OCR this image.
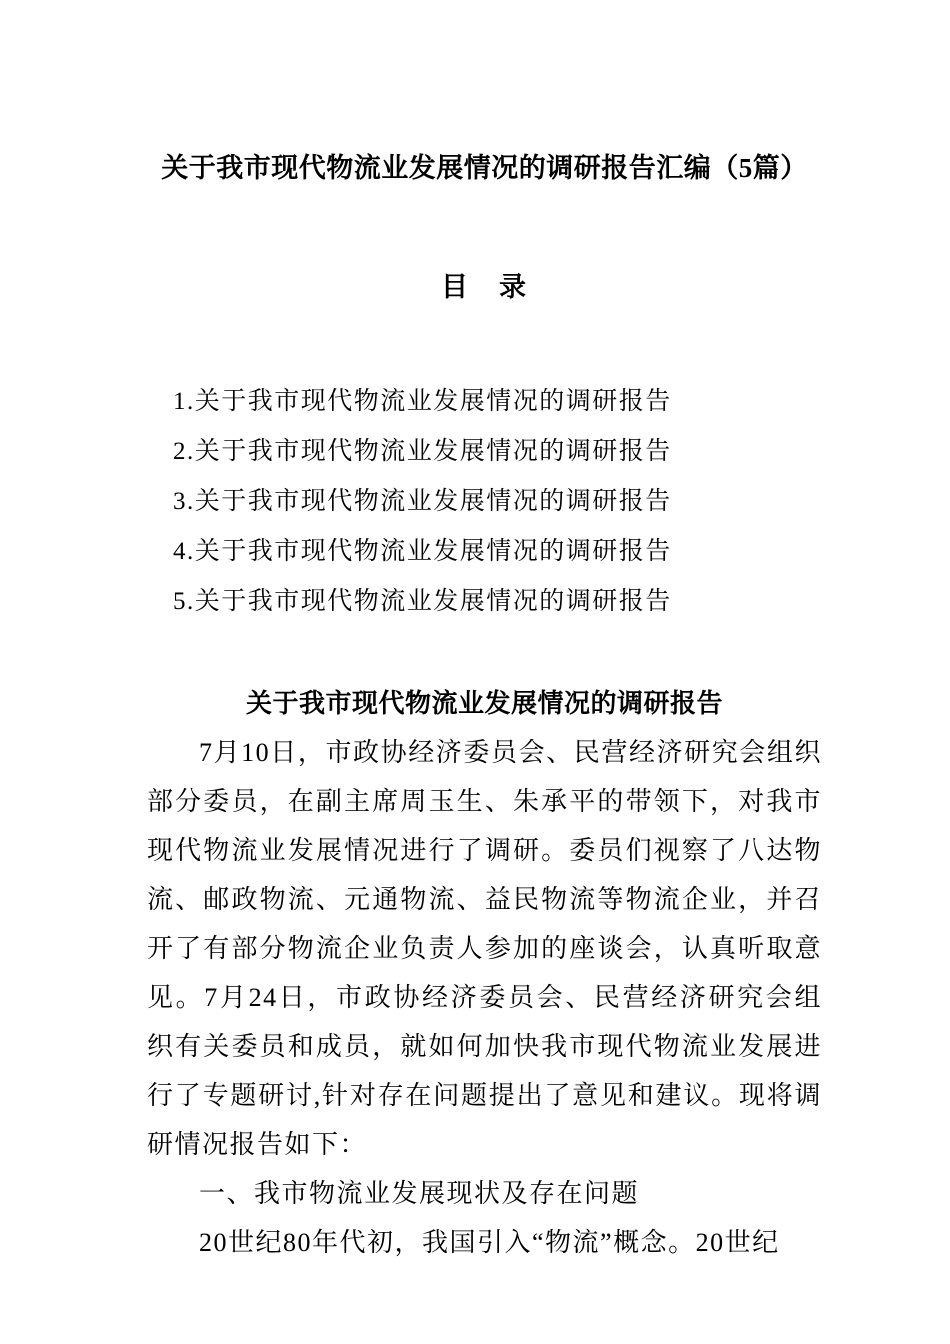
关于我市现代物流业发展情况的调研报告汇编（5篇）
目　录
1.关于我市现代物流业发展情况的调研报告
2.关于我市现代物流业发展情况的调研报告
3.关于我市现代物流业发展情况的调研报告
4.关于我市现代物流业发展情况的调研报告
5.关于我市现代物流业发展情况的调研报告
关于我市现代物流业发展情况的调研报告

7月10日，市政协经济委员会、民营经济研究会组织部分委员，在副主席周玉生、朱承平的带领下，对我市现代物流业发展情况进行了调研。委员们视察了八达物流、邮政物流、元通物流、益民物流等物流企业，并召开了有部分物流企业负责人参加的座谈会，认真听取意见。7月24日，市政协经济委员会、民营经济研究会组织有关委员和成员，就如何加快我市现代物流业发展进行了专题研讨,针对存在问题提出了意见和建议。现将调研情况报告如下：

一、我市物流业发展现状及存在问题

20世纪80年代初，我国引入“物流”概念。20世纪
